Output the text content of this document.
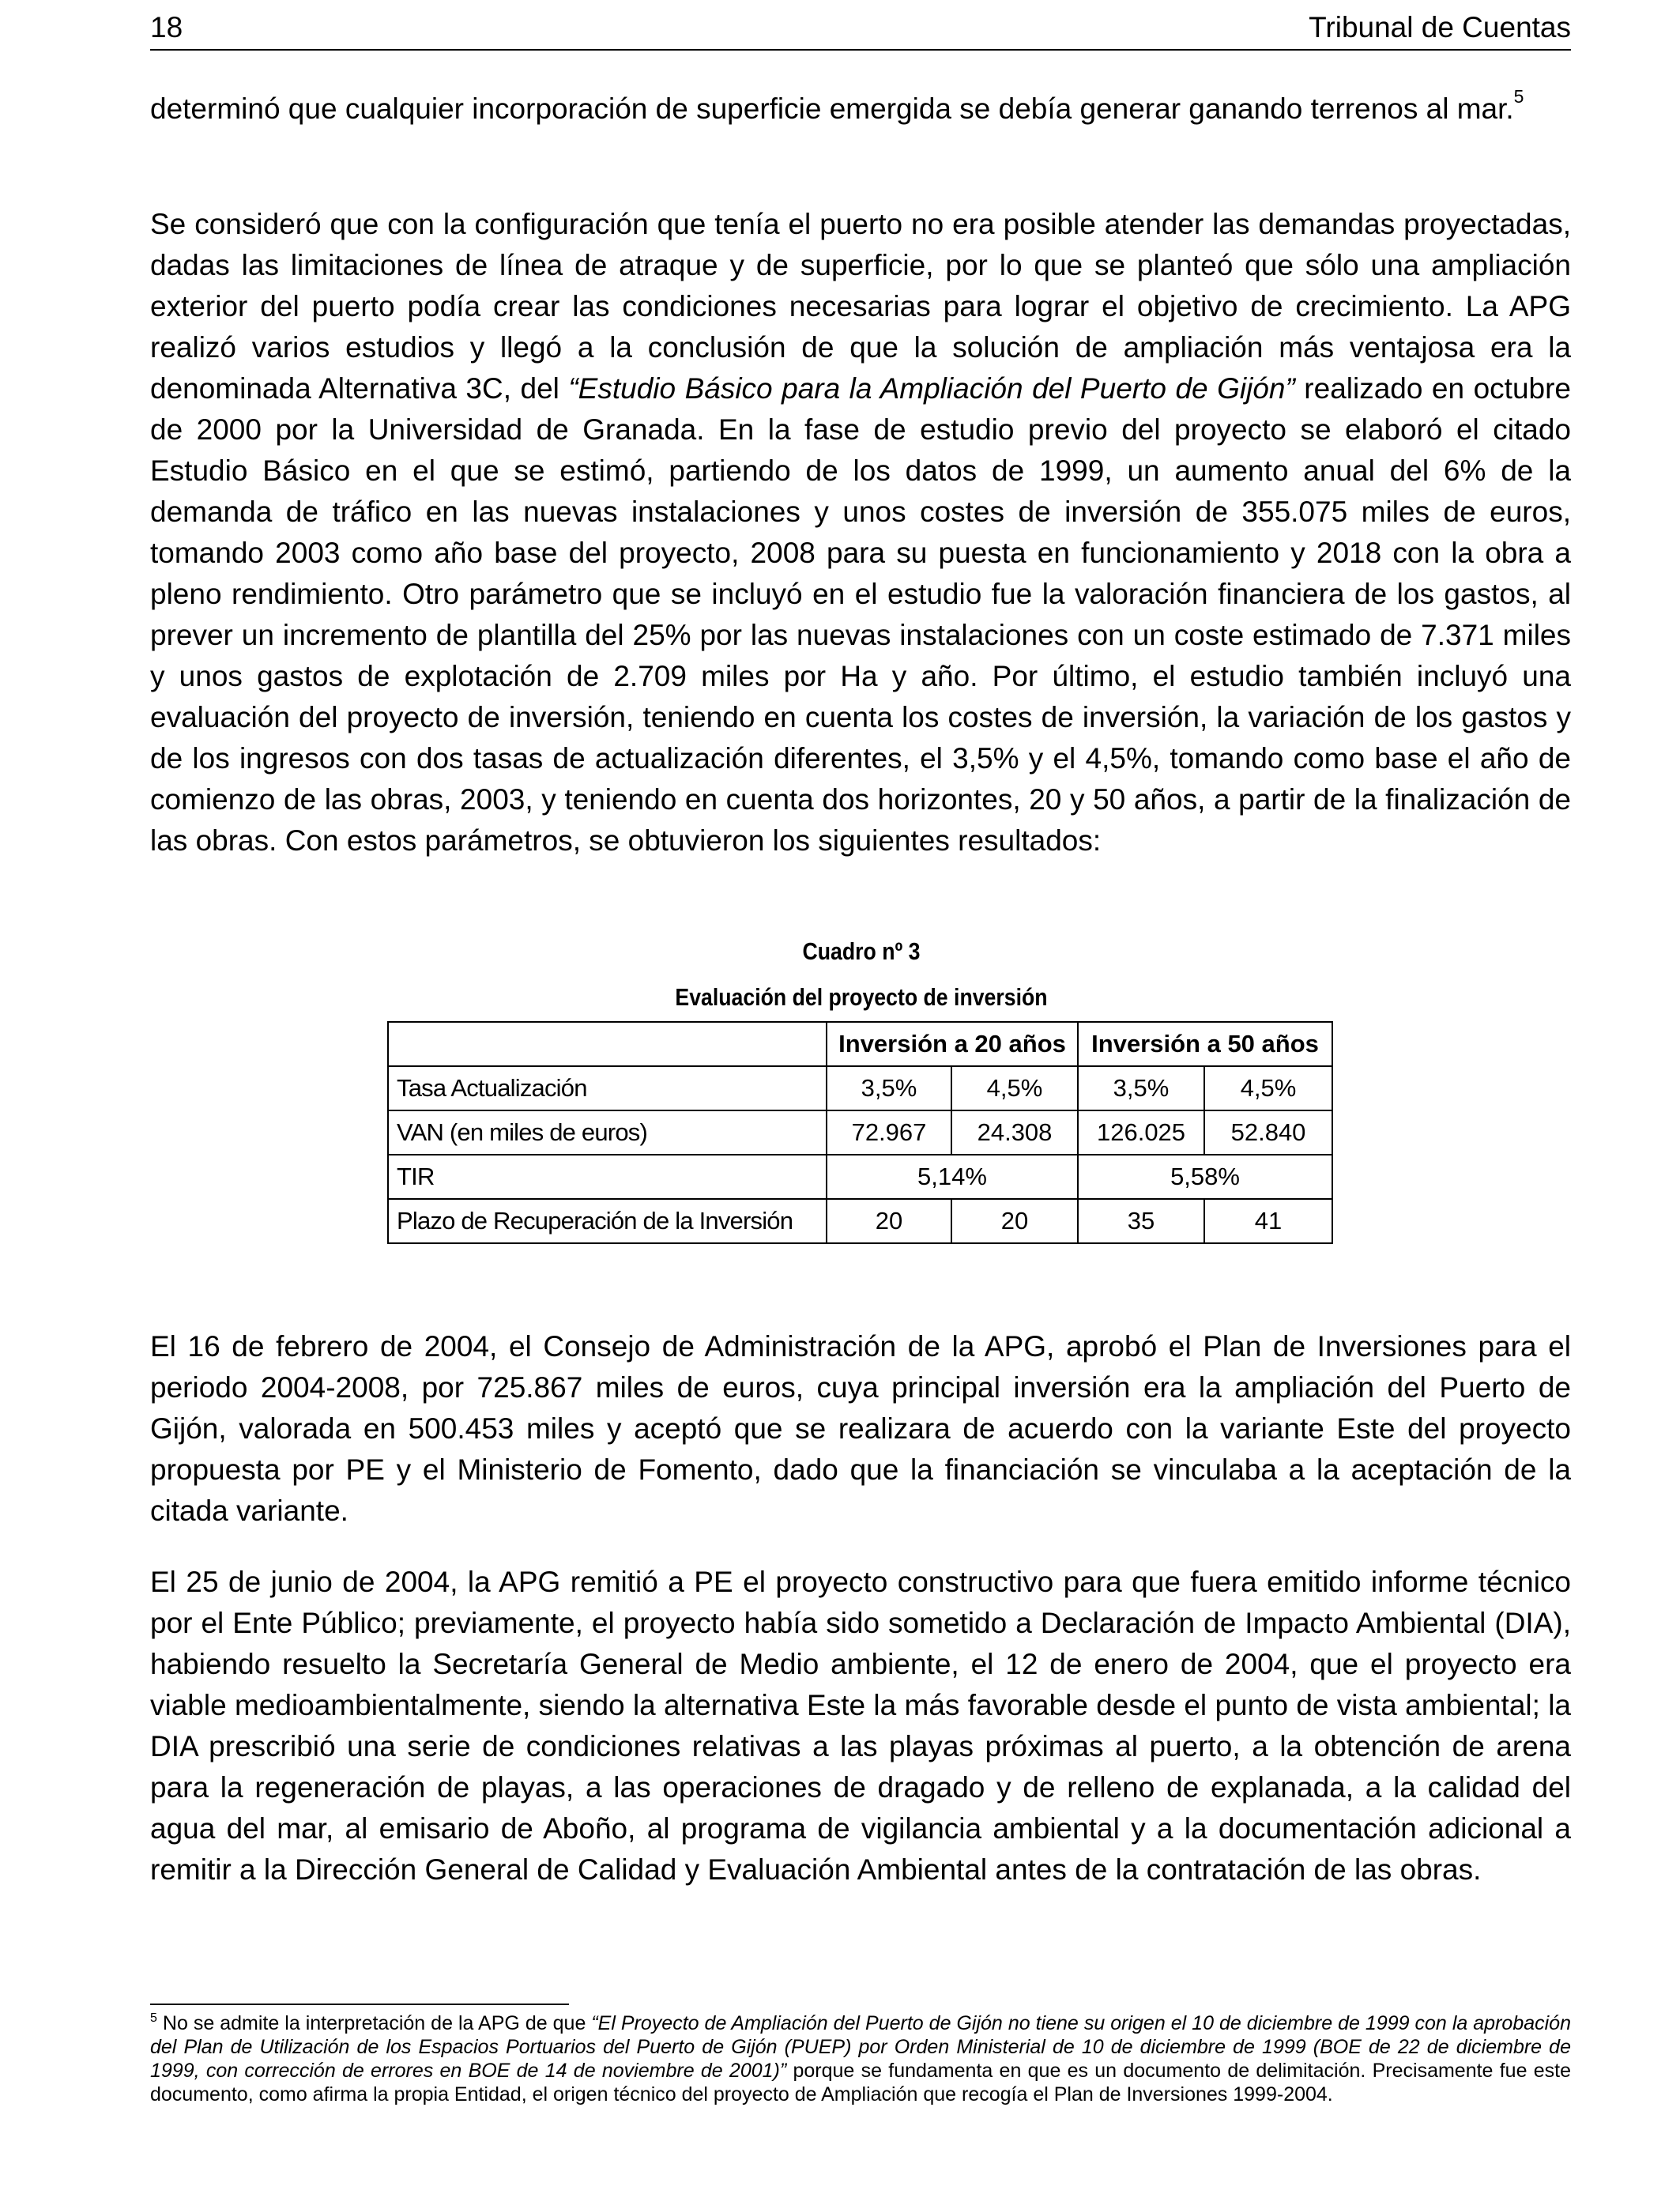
18	Tribunal de Cuentas

determinó que cualquier incorporación de superficie emergida se debía generar ganando terrenos al mar.$^5$

Se consideró que con la configuración que tenía el puerto no era posible atender las demandas proyectadas, dadas las limitaciones de línea de atraque y de superficie, por lo que se planteó que sólo una ampliación exterior del puerto podía crear las condiciones necesarias para lograr el objetivo de crecimiento. La APG realizó varios estudios y llegó a la conclusión de que la solución de ampliación más ventajosa era la denominada Alternativa 3C, del “Estudio Básico para la Ampliación del Puerto de Gijón” realizado en octubre de 2000 por la Universidad de Granada. En la fase de estudio previo del proyecto se elaboró el citado Estudio Básico en el que se estimó, partiendo de los datos de 1999, un aumento anual del 6% de la demanda de tráfico en las nuevas instalaciones y unos costes de inversión de 355.075 miles de euros, tomando 2003 como año base del proyecto, 2008 para su puesta en funcionamiento y 2018 con la obra a pleno rendimiento. Otro parámetro que se incluyó en el estudio fue la valoración financiera de los gastos, al prever un incremento de plantilla del 25% por las nuevas instalaciones con un coste estimado de 7.371 miles y unos gastos de explotación de 2.709 miles por Ha y año. Por último, el estudio también incluyó una evaluación del proyecto de inversión, teniendo en cuenta los costes de inversión, la variación de los gastos y de los ingresos con dos tasas de actualización diferentes, el 3,5% y el 4,5%, tomando como base el año de comienzo de las obras, 2003, y teniendo en cuenta dos horizontes, 20 y 50 años, a partir de la finalización de las obras. Con estos parámetros, se obtuvieron los siguientes resultados:

Cuadro nº 3
Evaluación del proyecto de inversión
	Inversión a 20 años		Inversión a 50 años	
Tasa Actualización	3,5%	4,5%	3,5%	4,5%
VAN (en miles de euros)	72.967	24.308	126.025	52.840
TIR	5,14%		5,58%	
Plazo de Recuperación de la Inversión	20	20	35	41

El 16 de febrero de 2004, el Consejo de Administración de la APG, aprobó el Plan de Inversiones para el periodo 2004-2008, por 725.867 miles de euros, cuya principal inversión era la ampliación del Puerto de Gijón, valorada en 500.453 miles y aceptó que se realizara de acuerdo con la variante Este del proyecto propuesta por PE y el Ministerio de Fomento, dado que la financiación se vinculaba a la aceptación de la citada variante.

El 25 de junio de 2004, la APG remitió a PE el proyecto constructivo para que fuera emitido informe técnico por el Ente Público; previamente, el proyecto había sido sometido a Declaración de Impacto Ambiental (DIA), habiendo resuelto la Secretaría General de Medio ambiente, el 12 de enero de 2004, que el proyecto era viable medioambientalmente, siendo la alternativa Este la más favorable desde el punto de vista ambiental; la DIA prescribió una serie de condiciones relativas a las playas próximas al puerto, a la obtención de arena para la regeneración de playas, a las operaciones de dragado y de relleno de explanada, a la calidad del agua del mar, al emisario de Aboño, al programa de vigilancia ambiental y a la documentación adicional a remitir a la Dirección General de Calidad y Evaluación Ambiental antes de la contratación de las obras.

$^5$ No se admite la interpretación de la APG de que “El Proyecto de Ampliación del Puerto de Gijón no tiene su origen el 10 de diciembre de 1999 con la aprobación del Plan de Utilización de los Espacios Portuarios del Puerto de Gijón (PUEP) por Orden Ministerial de 10 de diciembre de 1999 (BOE de 22 de diciembre de 1999, con corrección de errores en BOE de 14 de noviembre de 2001)” porque se fundamenta en que es un documento de delimitación. Precisamente fue este documento, como afirma la propia Entidad, el origen técnico del proyecto de Ampliación que recogía el Plan de Inversiones 1999-2004.
